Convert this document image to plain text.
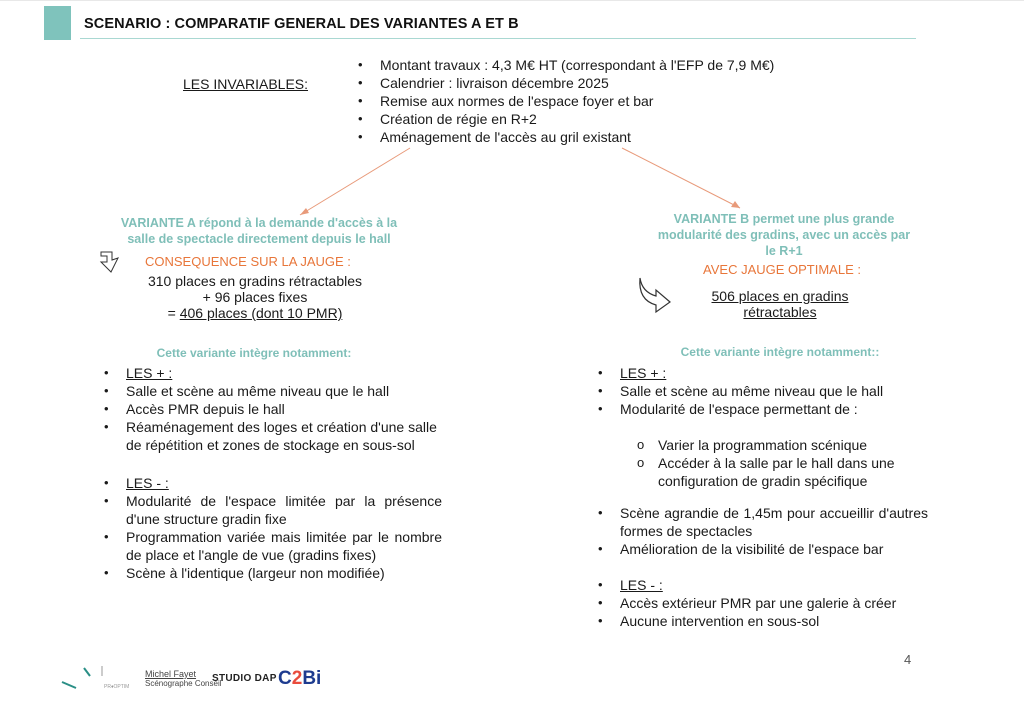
SCENARIO : COMPARATIF GENERAL DES VARIANTES A ET B
LES INVARIABLES:
• Montant travaux : 4,3 M€ HT (correspondant à l'EFP de 7,9 M€)
• Calendrier : livraison décembre 2025
• Remise aux normes de l'espace foyer et bar
• Création de régie en R+2
• Aménagement de l'accès au gril existant
VARIANTE A répond à la demande d'accès à la
salle de spectacle directement depuis le hall
CONSEQUENCE SUR LA JAUGE :
310 places en gradins rétractables
+ 96 places fixes
= 406 places (dont 10 PMR)
Cette variante intègre notamment:
VARIANTE B permet une plus grande
modularité des gradins, avec un accès par
le R+1
AVEC JAUGE OPTIMALE :
506 places en gradins
rétractables
Cette variante intègre notamment::
• LES + :
• Salle et scène au même niveau que le hall
• Accès PMR depuis le hall
• Réaménagement des loges et création d'une salle de répétition et zones de stockage en sous-sol
• LES - :
• Modularité de l'espace limitée par la présence d'une structure gradin fixe
• Programmation variée mais limitée par le nombre de place et l'angle de vue (gradins fixes)
• Scène à l'identique (largeur non modifiée)
• LES + :
• Salle et scène au même niveau que le hall
• Modularité de l'espace permettant de :
o Varier la programmation scénique
o Accéder à la salle par le hall dans une configuration de gradin spécifique
• Scène agrandie de 1,45m pour accueillir d'autres formes de spectacles
• Amélioration de la visibilité de l'espace bar
• LES - :
• Accès extérieur PMR par une galerie à créer
• Aucune intervention en sous-sol
4
PR♦OPTIM
Michel Fayet
Scénographe Conseil
STUDIO DAP C2Bi
